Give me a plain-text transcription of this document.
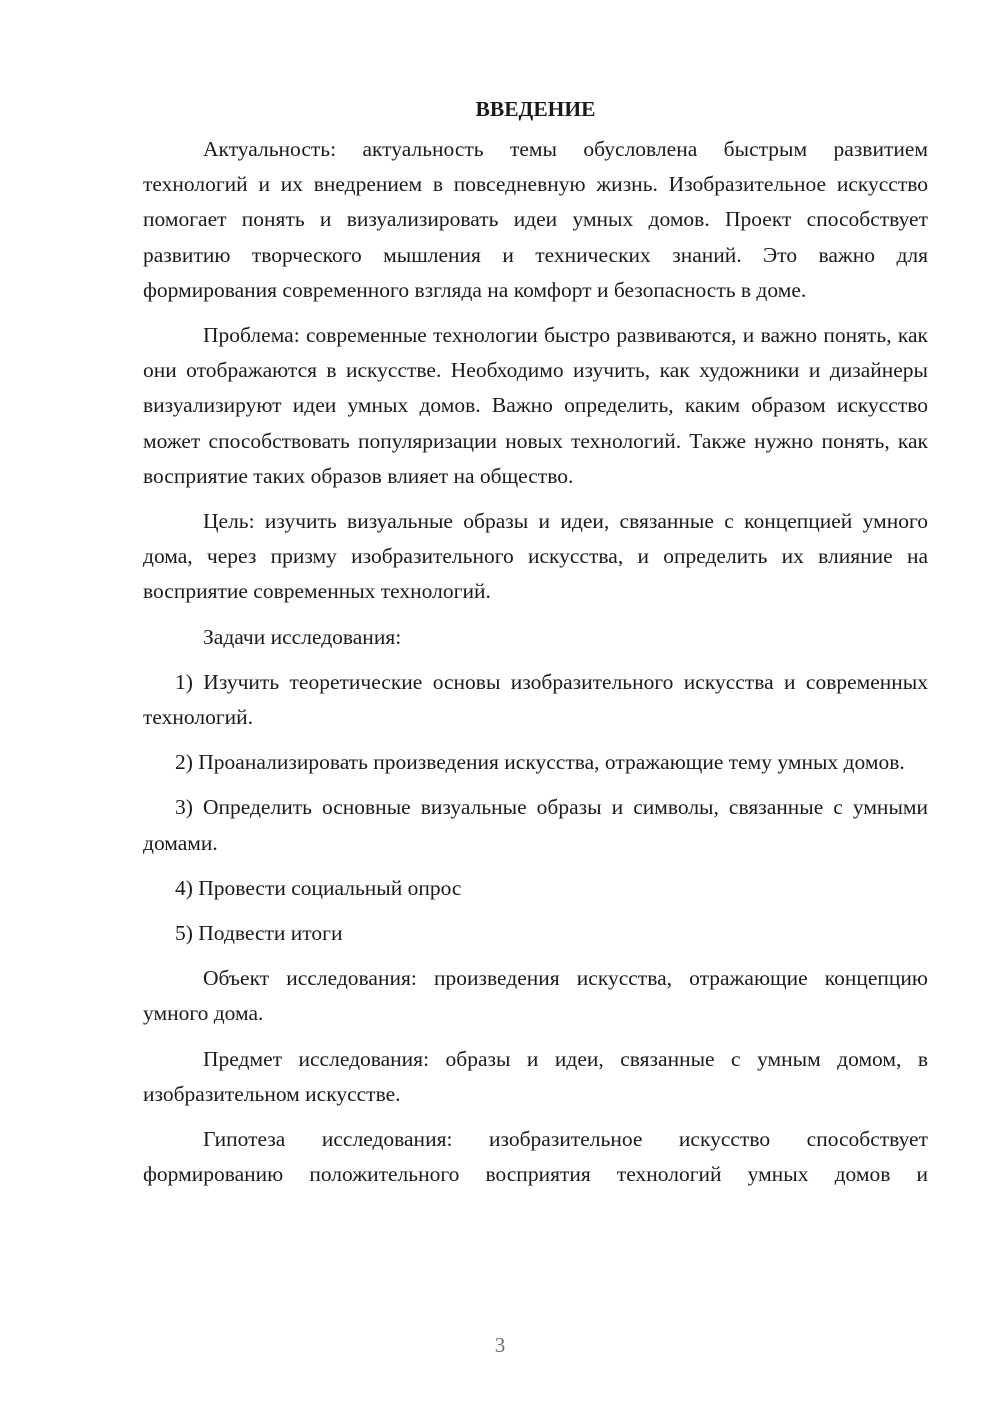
ВВЕДЕНИЕ
Актуальность: актуальность темы обусловлена быстрым развитием технологий и их внедрением в повседневную жизнь. Изобразительное искусство помогает понять и визуализировать идеи умных домов. Проект способствует развитию творческого мышления и технических знаний. Это важно для формирования современного взгляда на комфорт и безопасность в доме.
Проблема: современные технологии быстро развиваются, и важно понять, как они отображаются в искусстве. Необходимо изучить, как художники и дизайнеры визуализируют идеи умных домов. Важно определить, каким образом искусство может способствовать популяризации новых технологий. Также нужно понять, как восприятие таких образов влияет на общество.
Цель: изучить визуальные образы и идеи, связанные с концепцией умного дома, через призму изобразительного искусства, и определить их влияние на восприятие современных технологий.
Задачи исследования:
1) Изучить теоретические основы изобразительного искусства и современных технологий.
2) Проанализировать произведения искусства, отражающие тему умных домов.
3) Определить основные визуальные образы и символы, связанные с умными домами.
4) Провести социальный опрос
5) Подвести итоги
Объект исследования: произведения искусства, отражающие концепцию умного дома.
Предмет исследования: образы и идеи, связанные с умным домом, в изобразительном искусстве.
Гипотеза исследования: изобразительное искусство способствует формированию положительного восприятия технологий умных домов и
3
